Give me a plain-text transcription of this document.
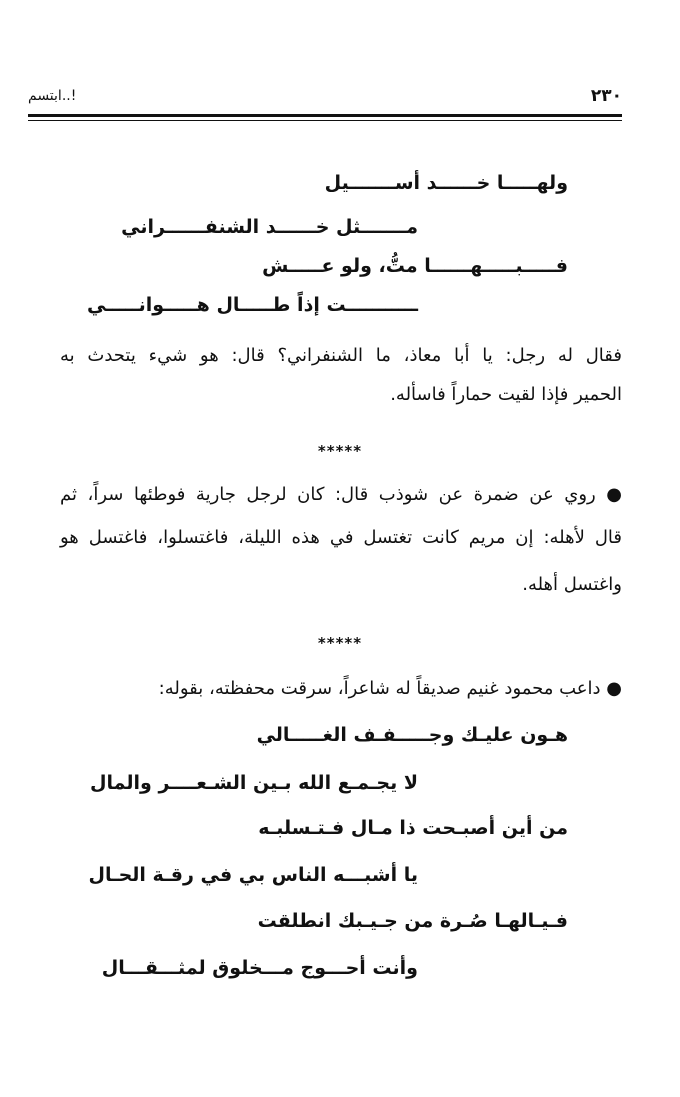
٢٣٠
ابتسم..!
ولهـــــا خــــــد أســـــــيل
مـــــــثل خــــــد الشنفــــــراني
فـــــبـــــهــــــا متُّ، ولو عـــــش
ـــــــــــت إذاً طـــــال هـــــوانـــــي
فقال له رجل: يا أبا معاذ، ما الشنفراني؟ قال: هو شيء يتحدث به
الحمير فإذا لقيت حماراً فاسأله.
*****
● روي عن ضمرة عن شوذب قال: كان لرجل جارية فوطئها سراً، ثم
قال لأهله: إن مريم كانت تغتسل في هذه الليلة، فاغتسلوا، فاغتسل هو
واغتسل أهله.
*****
● داعب محمود غنيم صديقاً له شاعراً، سرقت محفظته، بقوله:
هـون عليـك وجـــــفـف الغـــــالي
لا يجـمـع الله بـين الشـعــــر والمال
من أين أصبـحت ذا مـال فـتـسلبـه
يا أشبـــه الناس بي في رقـة الحـال
فـيـالهـا صُـرة من جـيـبك انطلقت
وأنت أحـــوج مـــخلوق لمثـــقـــال
